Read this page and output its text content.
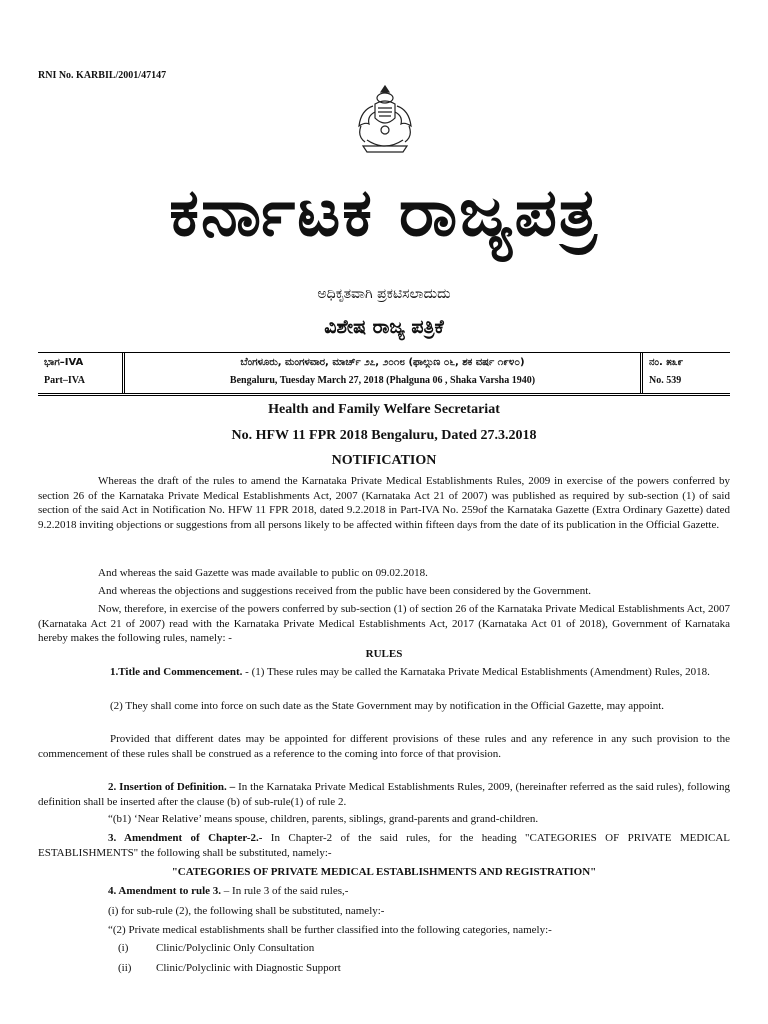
RNI No. KARBIL/2001/47147
ಕರ್ನಾಟಕ ರಾಜ್ಯಪತ್ರ
ಅಧಿಕೃತವಾಗಿ ಪ್ರಕಟಿಸಲಾದುದು
ವಿಶೇಷ ರಾಜ್ಯ ಪತ್ರಿಕೆ
ಭಾಗ–IVA
Part–IVA
ಬೆಂಗಳೂರು, ಮಂಗಳವಾರ, ಮಾರ್ಚ್ ೨೭, ೨೦೧೮ (ಫಾಲ್ಗುಣ ೦೬, ಶಕ ವರ್ಷ ೧೯೪೦)
Bengaluru, Tuesday March 27, 2018 (Phalguna 06 , Shaka Varsha 1940)
ನಂ. ೫೩೯
No. 539
Health and Family Welfare Secretariat
No. HFW 11 FPR 2018 Bengaluru, Dated 27.3.2018
NOTIFICATION

Whereas the draft of the rules to amend the Karnataka Private Medical Establishments Rules, 2009 in exercise of the powers conferred by section 26 of the Karnataka Private Medical Establishments Act, 2007 (Karnataka Act 21 of 2007) was published as required by sub-section (1) of said section of the said Act in Notification No. HFW 11 FPR 2018, dated 9.2.2018 in Part-IVA No. 259of the Karnataka Gazette (Extra Ordinary Gazette) dated 9.2.2018 inviting objections or suggestions from all persons likely to be affected within fifteen days from the date of its publication in the Official Gazette.

And whereas the said Gazette was made available to public on 09.02.2018.

And whereas the objections and suggestions received from the public have been considered by the Government.

Now, therefore, in exercise of the powers conferred by sub-section (1) of section 26 of the Karnataka Private Medical Establishments Act, 2007 (Karnataka Act 21 of 2007) read with the Karnataka Private Medical Establishments Act, 2017 (Karnataka Act 01 of 2018), Government of Karnataka hereby makes the following rules, namely: -

RULES

1.Title and Commencement. - (1) These rules may be called the Karnataka Private Medical Establishments (Amendment) Rules, 2018.

(2) They shall come into force on such date as the State Government may by notification in the Official Gazette, may appoint.

Provided that different dates may be appointed for different provisions of these rules and any reference in any such provision to the commencement of these rules shall be construed as a reference to the coming into force of that provision.

2. Insertion of Definition. – In the Karnataka Private Medical Establishments Rules, 2009, (hereinafter referred as the said rules), following definition shall be inserted after the clause (b) of sub-rule(1) of rule 2.

“(b1) ‘Near Relative’ means spouse, children, parents, siblings, grand-parents and grand-children.

3. Amendment of Chapter-2.- In Chapter-2 of the said rules, for the heading "CATEGORIES OF PRIVATE MEDICAL ESTABLISHMENTS" the following shall be substituted, namely:-

"CATEGORIES OF PRIVATE MEDICAL ESTABLISHMENTS AND REGISTRATION"

4. Amendment to rule 3. – In rule 3 of the said rules,-

(i) for sub-rule (2), the following shall be substituted, namely:-

“(2) Private medical establishments shall be further classified into the following categories, namely:-

(i)	Clinic/Polyclinic Only Consultation
(ii) Clinic/Polyclinic with Diagnostic Support
